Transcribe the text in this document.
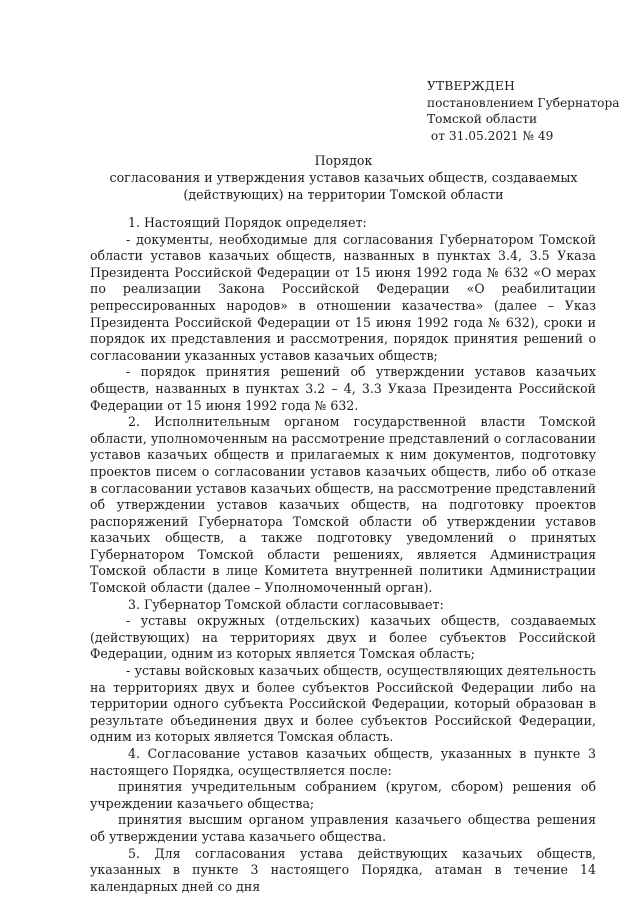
УТВЕРЖДЕН
постановлением Губернатора
Томской области
от 31.05.2021 № 49
Порядок
согласования и утверждения уставов казачьих обществ, создаваемых
(действующих) на территории Томской области

1. Настоящий Порядок определяет:

- документы, необходимые для согласования Губернатором Томской области уставов казачьих обществ, названных в пунктах 3.4, 3.5 Указа Президента Российской Федерации от 15 июня 1992 года № 632 «О мерах по реализации Закона Российской Федерации «О реабилитации репрессированных народов» в отношении казачества» (далее – Указ Президента Российской Федерации от 15 июня 1992 года № 632), сроки и порядок их представления и рассмотрения, порядок принятия решений о согласовании указанных уставов казачьих обществ;

- порядок принятия решений об утверждении уставов казачьих обществ, названных в пунктах 3.2 – 4, 3.3 Указа Президента Российской Федерации от 15 июня 1992 года № 632.

2. Исполнительным органом государственной власти Томской области, уполномоченным на рассмотрение представлений о согласовании уставов казачьих обществ и прилагаемых к ним документов, подготовку проектов писем о согласовании уставов казачьих обществ, либо об отказе в согласовании уставов казачьих обществ, на рассмотрение представлений об утверждении уставов казачьих обществ, на подготовку проектов распоряжений Губернатора Томской области об утверждении уставов казачьих обществ, а также подготовку уведомлений о принятых Губернатором Томской области решениях, является Администрация Томской области в лице Комитета внутренней политики Администрации Томской области (далее – Уполномоченный орган).

3. Губернатор Томской области согласовывает:

- уставы окружных (отдельских) казачьих обществ, создаваемых (действующих) на территориях двух и более субъектов Российской Федерации, одним из которых является Томская область;

- уставы войсковых казачьих обществ, осуществляющих деятельность на территориях двух и более субъектов Российской Федерации либо на территории одного субъекта Российской Федерации, который образован в результате объединения двух и более субъектов Российской Федерации, одним из которых является Томская область.

4. Согласование уставов казачьих обществ, указанных в пункте 3 настоящего Порядка, осуществляется после:

принятия учредительным собранием (кругом, сбором) решения об учреждении казачьего общества;

принятия высшим органом управления казачьего общества решения об утверждении устава казачьего общества.

5. Для согласования устава действующих казачьих обществ, указанных в пункте 3 настоящего Порядка, атаман в течение 14 календарных дней со дня
